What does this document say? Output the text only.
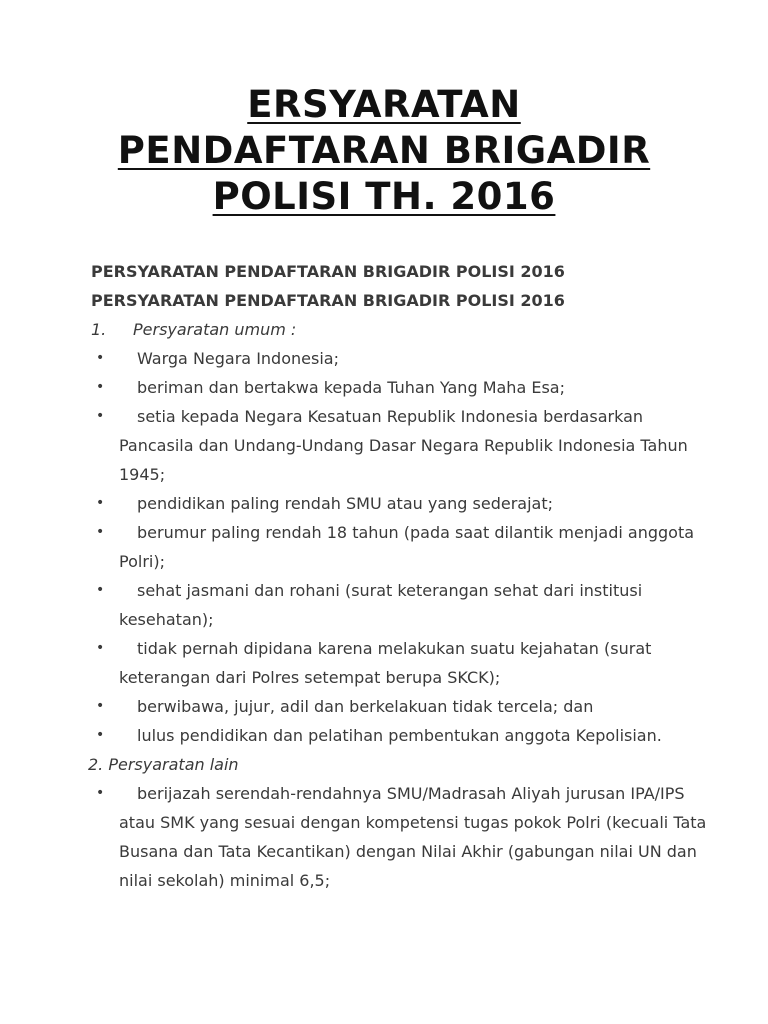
ERSYARATAN
PENDAFTARAN BRIGADIR
POLISI TH. 2016
PERSYARATAN PENDAFTARAN BRIGADIR POLISI 2016
PERSYARATAN PENDAFTARAN BRIGADIR POLISI 2016
1.	Persyaratan umum :
•	Warga Negara Indonesia;
•	beriman dan bertakwa kepada Tuhan Yang Maha Esa;
•	setia kepada Negara Kesatuan Republik Indonesia berdasarkan Pancasila dan Undang-Undang Dasar Negara Republik Indonesia Tahun 1945;
•	pendidikan paling rendah SMU atau yang sederajat;
•	berumur paling rendah 18 tahun (pada saat dilantik menjadi anggota Polri);
•	sehat jasmani dan rohani (surat keterangan sehat dari institusi kesehatan);
•	tidak pernah dipidana karena melakukan suatu kejahatan (surat keterangan dari Polres setempat berupa SKCK);
•	berwibawa, jujur, adil dan berkelakuan tidak tercela; dan
•	lulus pendidikan dan pelatihan pembentukan anggota Kepolisian.
2. Persyaratan lain
•	berijazah serendah-rendahnya SMU/Madrasah Aliyah jurusan IPA/IPS atau SMK yang sesuai dengan kompetensi tugas pokok Polri (kecuali Tata Busana dan Tata Kecantikan) dengan Nilai Akhir (gabungan nilai UN dan nilai sekolah) minimal 6,5;
